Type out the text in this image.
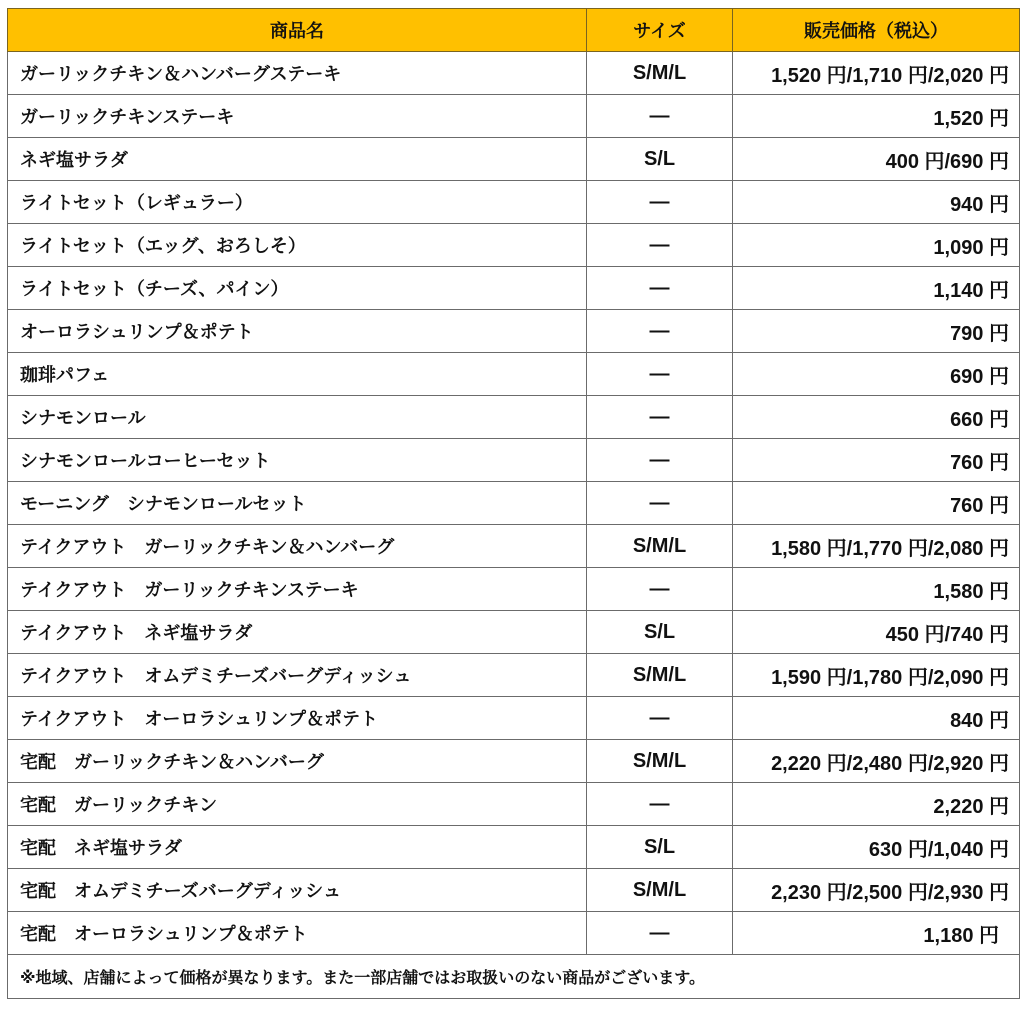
商品名	サイズ	販売価格（税込）
ガーリックチキン＆ハンバーグステーキ	S/M/L	1,520 円/1,710 円/2,020 円
ガーリックチキンステーキ	—	1,520 円
ネギ塩サラダ	S/L	400 円/690 円
ライトセット（レギュラー）	—	940 円
ライトセット（エッグ、おろしそ）	—	1,090 円
ライトセット（チーズ、パイン）	—	1,140 円
オーロラシュリンプ＆ポテト	—	790 円
珈琲パフェ	—	690 円
シナモンロール	—	660 円
シナモンロールコーヒーセット	—	760 円
モーニング　シナモンロールセット	—	760 円
テイクアウト　ガーリックチキン＆ハンバーグ	S/M/L	1,580 円/1,770 円/2,080 円
テイクアウト　ガーリックチキンステーキ	—	1,580 円
テイクアウト　ネギ塩サラダ	S/L	450 円/740 円
テイクアウト　オムデミチーズバーグディッシュ	S/M/L	1,590 円/1,780 円/2,090 円
テイクアウト　オーロラシュリンプ＆ポテト	—	840 円
宅配　ガーリックチキン＆ハンバーグ	S/M/L	2,220 円/2,480 円/2,920 円
宅配　ガーリックチキン	—	2,220 円
宅配　ネギ塩サラダ	S/L	630 円/1,040 円
宅配　オムデミチーズバーグディッシュ	S/M/L	2,230 円/2,500 円/2,930 円
宅配　オーロラシュリンプ＆ポテト	—	1,180 円
※地域、店舗によって価格が異なります。また一部店舗ではお取扱いのない商品がございます。		
